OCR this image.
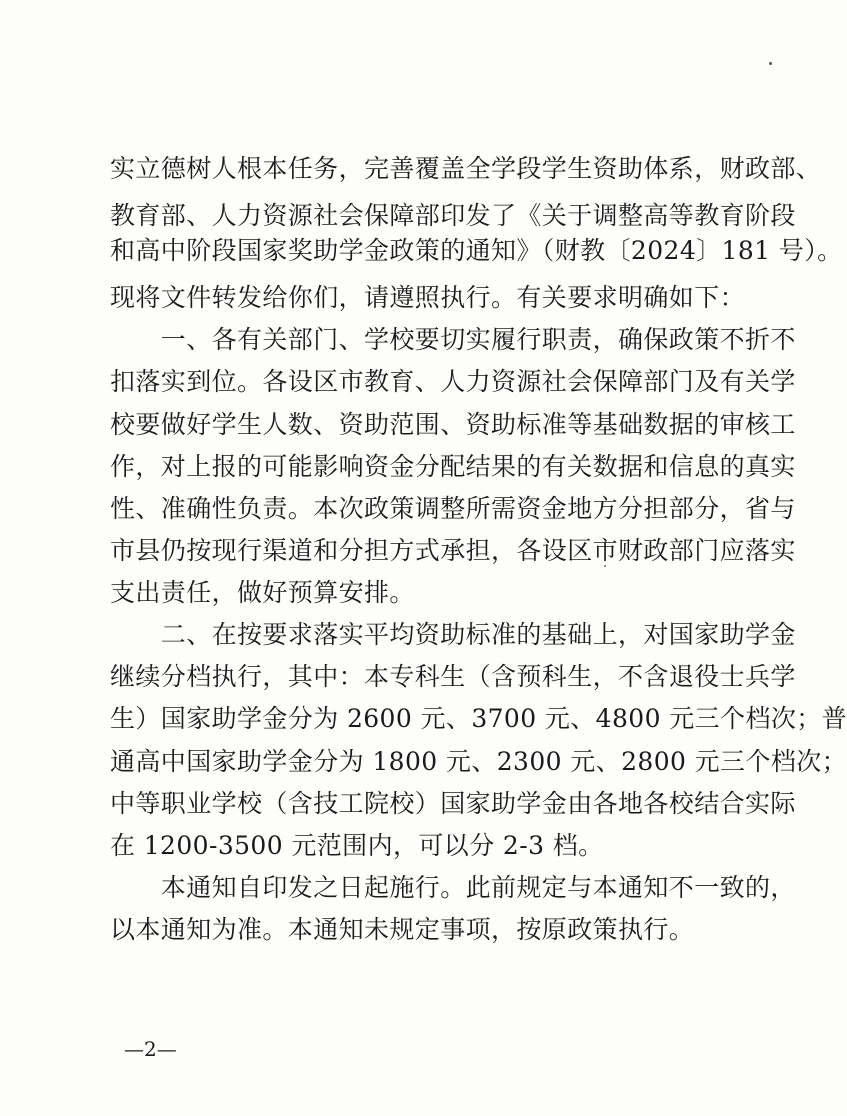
实立德树人根本任务，完善覆盖全学段学生资助体系，财政部、
教育部、人力资源社会保障部印发了《关于调整高等教育阶段
和高中阶段国家奖助学金政策的通知》（财教〔2024〕181 号）。
现将文件转发给你们，请遵照执行。有关要求明确如下：
　　一、各有关部门、学校要切实履行职责，确保政策不折不
扣落实到位。各设区市教育、人力资源社会保障部门及有关学
校要做好学生人数、资助范围、资助标准等基础数据的审核工
作，对上报的可能影响资金分配结果的有关数据和信息的真实
性、准确性负责。本次政策调整所需资金地方分担部分，省与
市县仍按现行渠道和分担方式承担，各设区市财政部门应落实
支出责任，做好预算安排。
　　二、在按要求落实平均资助标准的基础上，对国家助学金
继续分档执行，其中：本专科生（含预科生，不含退役士兵学
生）国家助学金分为 2600 元、3700 元、4800 元三个档次；普
通高中国家助学金分为 1800 元、2300 元、2800 元三个档次；
中等职业学校（含技工院校）国家助学金由各地各校结合实际
在 1200-3500 元范围内，可以分 2-3 档。
　　本通知自印发之日起施行。此前规定与本通知不一致的，
以本通知为准。本通知未规定事项，按原政策执行。
—2—
